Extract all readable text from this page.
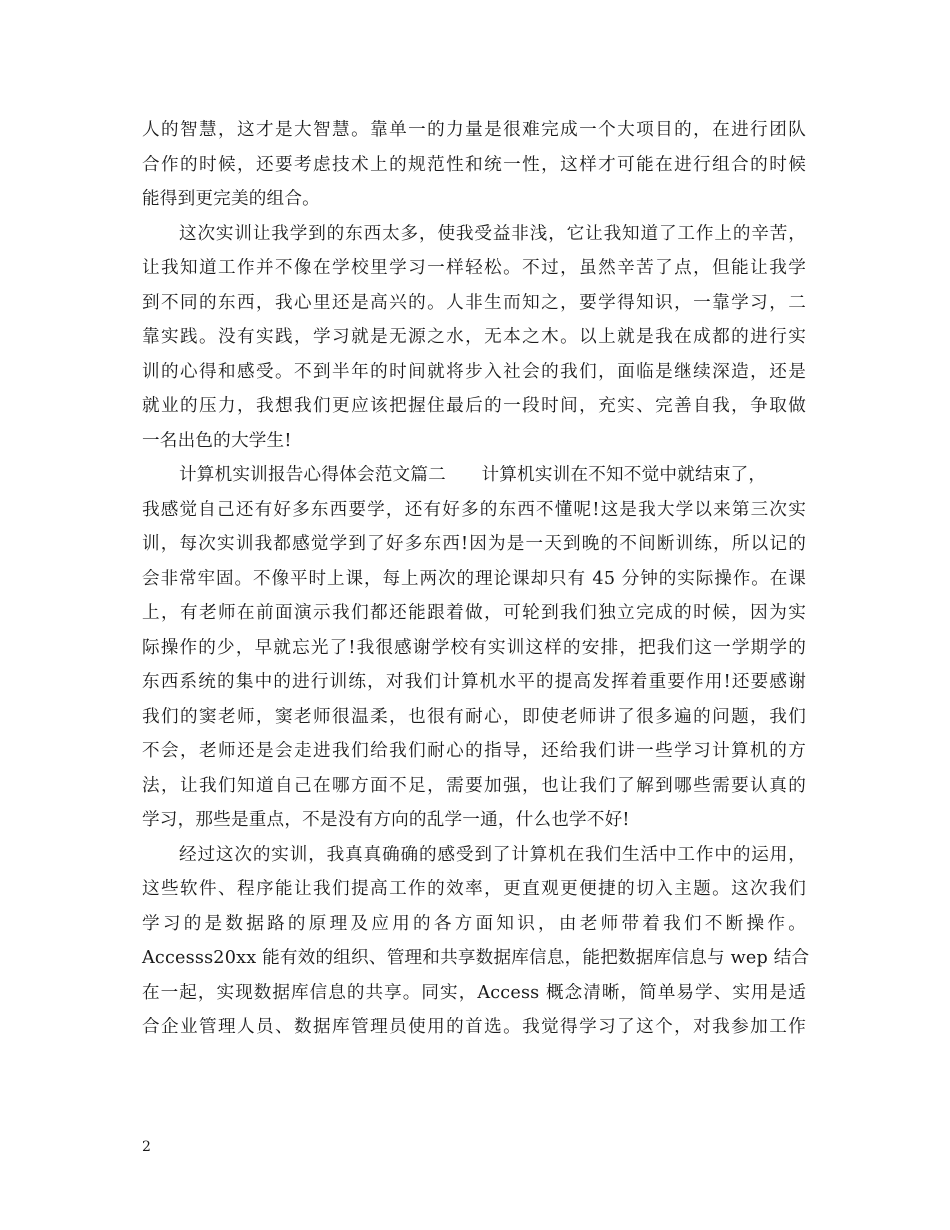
人的智慧，这才是大智慧。靠单一的力量是很难完成一个大项目的，在进行团队
合作的时候，还要考虑技术上的规范性和统一性，这样才可能在进行组合的时候
能得到更完美的组合。
这次实训让我学到的东西太多，使我受益非浅，它让我知道了工作上的辛苦，
让我知道工作并不像在学校里学习一样轻松。不过，虽然辛苦了点，但能让我学
到不同的东西，我心里还是高兴的。人非生而知之，要学得知识，一靠学习，二
靠实践。没有实践，学习就是无源之水，无本之木。以上就是我在成都的进行实
训的心得和感受。不到半年的时间就将步入社会的我们，面临是继续深造，还是
就业的压力，我想我们更应该把握住最后的一段时间，充实、完善自我，争取做
一名出色的大学生!
计算机实训报告心得体会范文篇二　　计算机实训在不知不觉中就结束了，
我感觉自己还有好多东西要学，还有好多的东西不懂呢!这是我大学以来第三次实
训，每次实训我都感觉学到了好多东西!因为是一天到晚的不间断训练，所以记的
会非常牢固。不像平时上课，每上两次的理论课却只有 45 分钟的实际操作。在课
上，有老师在前面演示我们都还能跟着做，可轮到我们独立完成的时候，因为实
际操作的少，早就忘光了!我很感谢学校有实训这样的安排，把我们这一学期学的
东西系统的集中的进行训练，对我们计算机水平的提高发挥着重要作用!还要感谢
我们的窦老师，窦老师很温柔，也很有耐心，即使老师讲了很多遍的问题，我们
不会，老师还是会走进我们给我们耐心的指导，还给我们讲一些学习计算机的方
法，让我们知道自己在哪方面不足，需要加强，也让我们了解到哪些需要认真的
学习，那些是重点，不是没有方向的乱学一通，什么也学不好!
经过这次的实训，我真真确确的感受到了计算机在我们生活中工作中的运用，
这些软件、程序能让我们提高工作的效率，更直观更便捷的切入主题。这次我们
学习的是数据路的原理及应用的各方面知识，由老师带着我们不断操作。
Accesss20xx 能有效的组织、管理和共享数据库信息，能把数据库信息与 wep 结合
在一起，实现数据库信息的共享。同实，Access 概念清晰，简单易学、实用是适
合企业管理人员、数据库管理员使用的首选。我觉得学习了这个，对我参加工作
2
